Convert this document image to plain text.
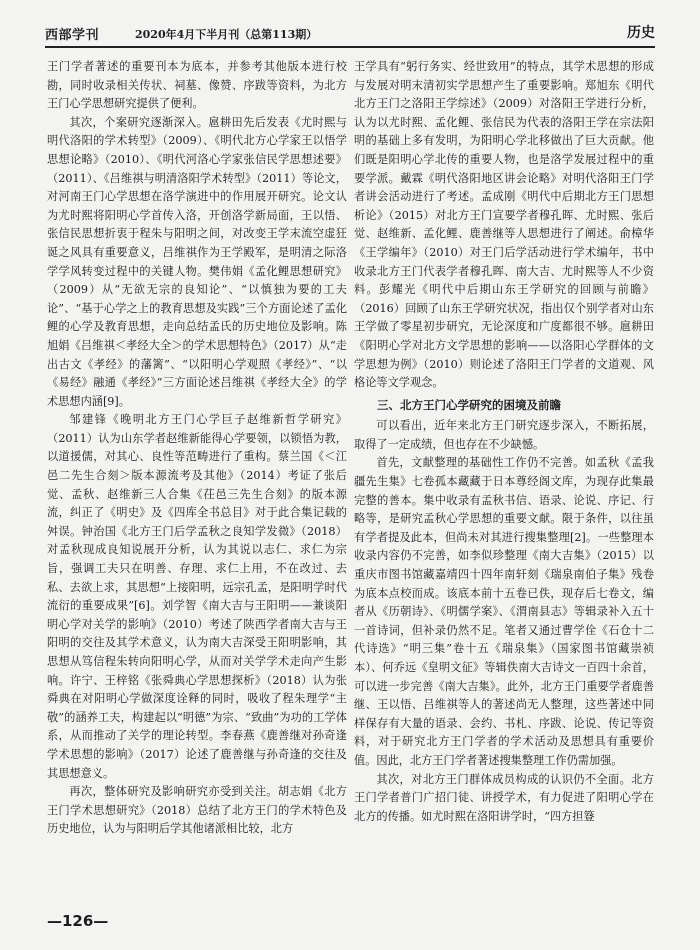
西部学刊	2020年4月下半月刊（总第113期）	历史

王门学者著述的重要刊本为底本，并参考其他版本进行校勘，同时收录相关传状、祠墓、像赞、序跋等资料，为北方王门心学思想研究提供了便利。

其次，个案研究逐渐深入。扈耕田先后发表《尤时熙与明代洛阳的学术转型》（2009）、《明代北方心学家王以悟学思想论略》（2010）、《明代河洛心学家张信民学思想述要》（2011）、《吕维祺与明清洛阳学术转型》（2011）等论文，对河南王门心学思想在洛学演进中的作用展开研究。论文认为尤时熙将阳明心学首传入洛，开创洛学新局面，王以悟、张信民思想折衷于程朱与阳明之间，对改变王学末流空虚狂诞之风具有重要意义，吕维祺作为王学殿军，是明清之际洛学学风转变过程中的关键人物。樊伟娟《孟化鲤思想研究》（2009）从“无欲无宗的良知论”、“以慎独为要的工夫论”、“基于心学之上的教育思想及实践”三个方面论述了孟化鲤的心学及教育思想，走向总结孟氏的历史地位及影响。陈旭娟《吕维祺＜孝经大全＞的学术思想特色》（2017）从“走出古文《孝经》的藩篱”、“以阳明心学观照《孝经》”、“以《易经》融通《孝经》”三方面论述吕维祺《孝经大全》的学术思想内涵[9]。

邹建锋《晚明北方王门心学巨子赵维新哲学研究》（2011）认为山东学者赵维新能得心学要领，以锁悟为教，以道援儒，对其心、良性等范畴进行了重构。蔡兰国《＜江邑二先生合刻＞版本源流考及其他》（2014）考证了张后觉、孟秋、赵维新三人合集《茌邑三先生合刻》的版本源流，纠正了《明史》及《四库全书总目》对于此合集记载的舛误。钟治国《北方王门后学孟秋之良知学发微》（2018）对孟秋现成良知说展开分析，认为其说以志仁、求仁为宗旨，强调工夫只在明善、存理、求仁上用，不在改过、去私、去欲上求，其思想“上接阳明，远宗孔孟，是阳明学时代流衍的重要成果”[6]。刘学智《南大吉与王阳明——兼谈阳明心学对关学的影响》（2010）考述了陕西学者南大吉与王阳明的交往及其学术意义，认为南大吉深受王阳明影响，其思想从笃信程朱转向阳明心学，从而对关学学术走向产生影响。许宁、王梓铭《张舜典心学思想探析》（2018）认为张舜典在对阳明心学做深度诠释的同时，吸收了程朱理学“主敬”的涵养工夫，构建起以“明德”为宗、“致曲”为功的工学体系，从而推动了关学的理论转型。李春燕《鹿善继对孙奇逢学术思想的影响》（2017）论述了鹿善继与孙奇逢的交往及其思想意义。

再次，整体研究及影响研究亦受到关注。胡志娟《北方王门学术思想研究》（2018）总结了北方王门的学术特色及历史地位，认为与阳明后学其他诸派相比较，北方

王学具有“躬行务实、经世致用”的特点，其学术思想的形成与发展对明末清初实学思想产生了重要影响。郑旭东《明代北方王门之洛阳王学综述》（2009）对洛阳王学进行分析，认为以尤时熙、孟化鲤、张信民为代表的洛阳王学在宗法阳明的基础上多有发明，为阳明心学北移做出了巨大贡献。他们既是阳明心学北传的重要人物，也是洛学发展过程中的重要学派。戴霖《明代洛阳地区讲会论略》对明代洛阳王门学者讲会活动进行了考述。孟成刚《明代中后期北方王门思想析论》（2015）对北方王门宣要学者穆孔晖、尤时熙、张后觉、赵维新、孟化鲤、鹿善继等人思想进行了阐述。俞樟华《王学编年》（2010）对王门后学活动进行学术编年，书中收录北方王门代表学者穆孔晖、南大吉、尤时熙等人不少资料。彭耀光《明代中后期山东王学研究的回顾与前瞻》（2016）回顾了山东王学研究状况，指出仅个别学者对山东王学做了零星初步研究，无论深度和广度都很不够。扈耕田《阳明心学对北方文学思想的影响——以洛阳心学群体的文学思想为例》（2010）则论述了洛阳王门学者的文道观、风格论等文学观念。

三、北方王门心学研究的困境及前瞻

可以看出，近年来北方王门研究逐步深入，不断拓展，取得了一定成绩，但也存在不少缺憾。

首先，文献整理的基础性工作仍不完善。如孟秋《孟我疆先生集》七卷孤本藏藏于日本尊经阁文库，为现存此集最完整的善本。集中收录有孟秋书信、语录、论说、序记、行略等，是研究孟秋心学思想的重要文献。限于条件，以往虽有学者提及此本，但尚未对其进行搜集整理[2]。一些整理本收录内容仍不完善，如李似珍整理《南大吉集》（2015）以重庆市图书馆藏嘉靖四十四年南轩刻《瑞泉南伯子集》残卷为底本点校而成。该底本前十五卷已佚，现存后七卷文，编者从《历朝诗》、《明儒学案》、《渭南县志》等辑录补入五十一首诗词，但补录仍然不足。笔者又通过曹学佺《石仓十二代诗选》“明三集”卷十五《瑞泉集》（国家图书馆藏崇祯本）、何乔远《皇明文征》等辑佚南大吉诗文一百四十余首，可以进一步完善《南大吉集》。此外，北方王门重要学者鹿善继、王以悟、吕维祺等人的著述尚无人整理，这些著述中同样保存有大量的语录、会约、书札、序跋、论说、传记等资料，对于研究北方王门学者的学术活动及思想具有重要价值。因此，北方王门学者著述搜集整理工作仍需加强。

其次，对北方王门群体成员构成的认识仍不全面。北方王门学者普门广招门徒、讲授学术，有力促进了阳明心学在北方的传播。如尤时熙在洛阳讲学时，“四方担簦

—126—
